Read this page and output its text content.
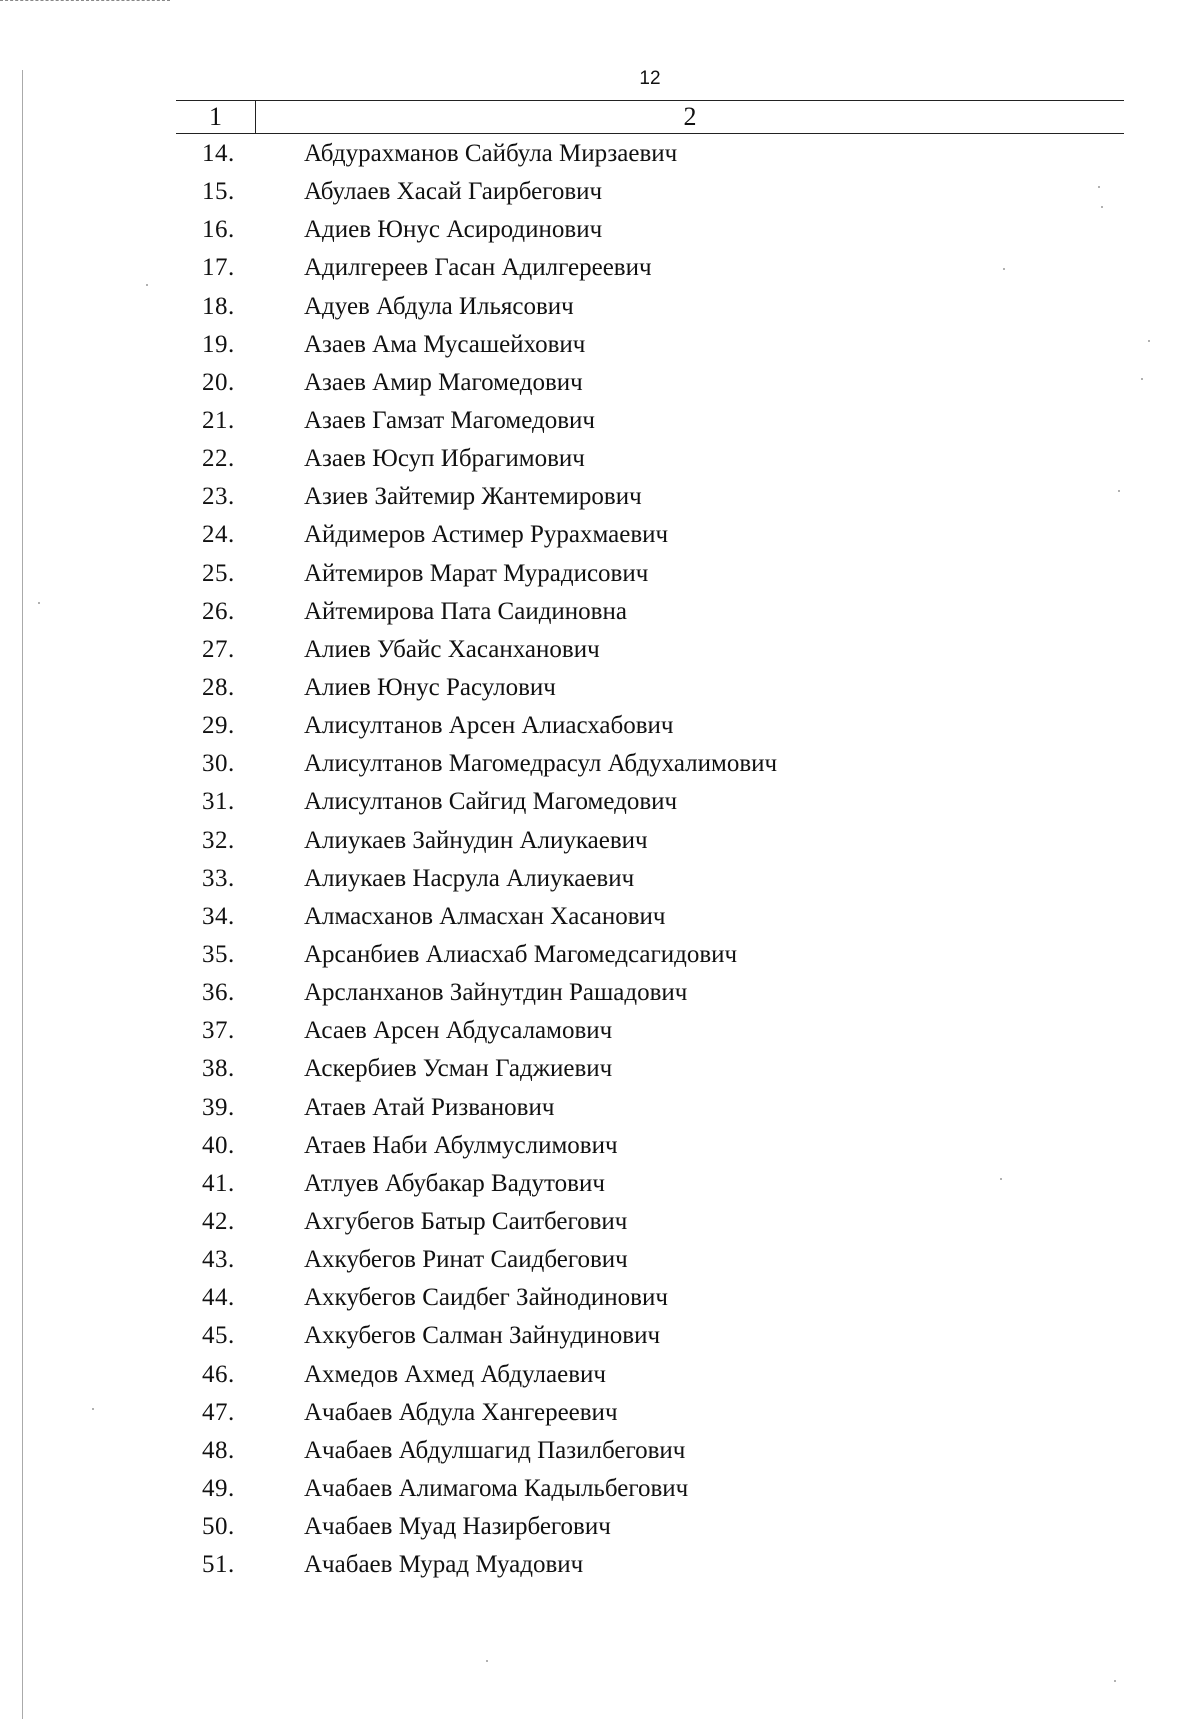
12
1	2
14.	Абдурахманов Сайбула Мирзаевич
15.	Абулаев Хасай Гаирбегович
16.	Адиев Юнус Асиродинович
17.	Адилгереев Гасан Адилгереевич
18.	Адуев Абдула Ильясович
19.	Азаев Ама Мусашейхович
20.	Азаев Амир Магомедович
21.	Азаев Гамзат Магомедович
22.	Азаев Юсуп Ибрагимович
23.	Азиев Зайтемир Жантемирович
24.	Айдимеров Астимер Рурахмаевич
25.	Айтемиров Марат Мурадисович
26.	Айтемирова Пата Саидиновна
27.	Алиев Убайс Хасанханович
28.	Алиев Юнус Расулович
29.	Алисултанов Арсен Алиасхабович
30.	Алисултанов Магомедрасул Абдухалимович
31.	Алисултанов Сайгид Магомедович
32.	Алиукаев Зайнудин Алиукаевич
33.	Алиукаев Насрула Алиукаевич
34.	Алмасханов Алмасхан Хасанович
35.	Арсанбиев Алиасхаб Магомедсагидович
36.	Арсланханов Зайнутдин Рашадович
37.	Асаев Арсен Абдусаламович
38.	Аскербиев Усман Гаджиевич
39.	Атаев Атай Ризванович
40.	Атаев Наби Абулмуслимович
41.	Атлуев Абубакар Вадутович
42.	Ахгубегов Батыр Саитбегович
43.	Ахкубегов Ринат Саидбегович
44.	Ахкубегов Саидбег Зайнодинович
45.	Ахкубегов Салман Зайнудинович
46.	Ахмедов Ахмед Абдулаевич
47.	Ачабаев Абдула Хангереевич
48.	Ачабаев Абдулшагид Пазилбегович
49.	Ачабаев Алимагома Кадыльбегович
50.	Ачабаев Муад Назирбегович
51.	Ачабаев Мурад Муадович
